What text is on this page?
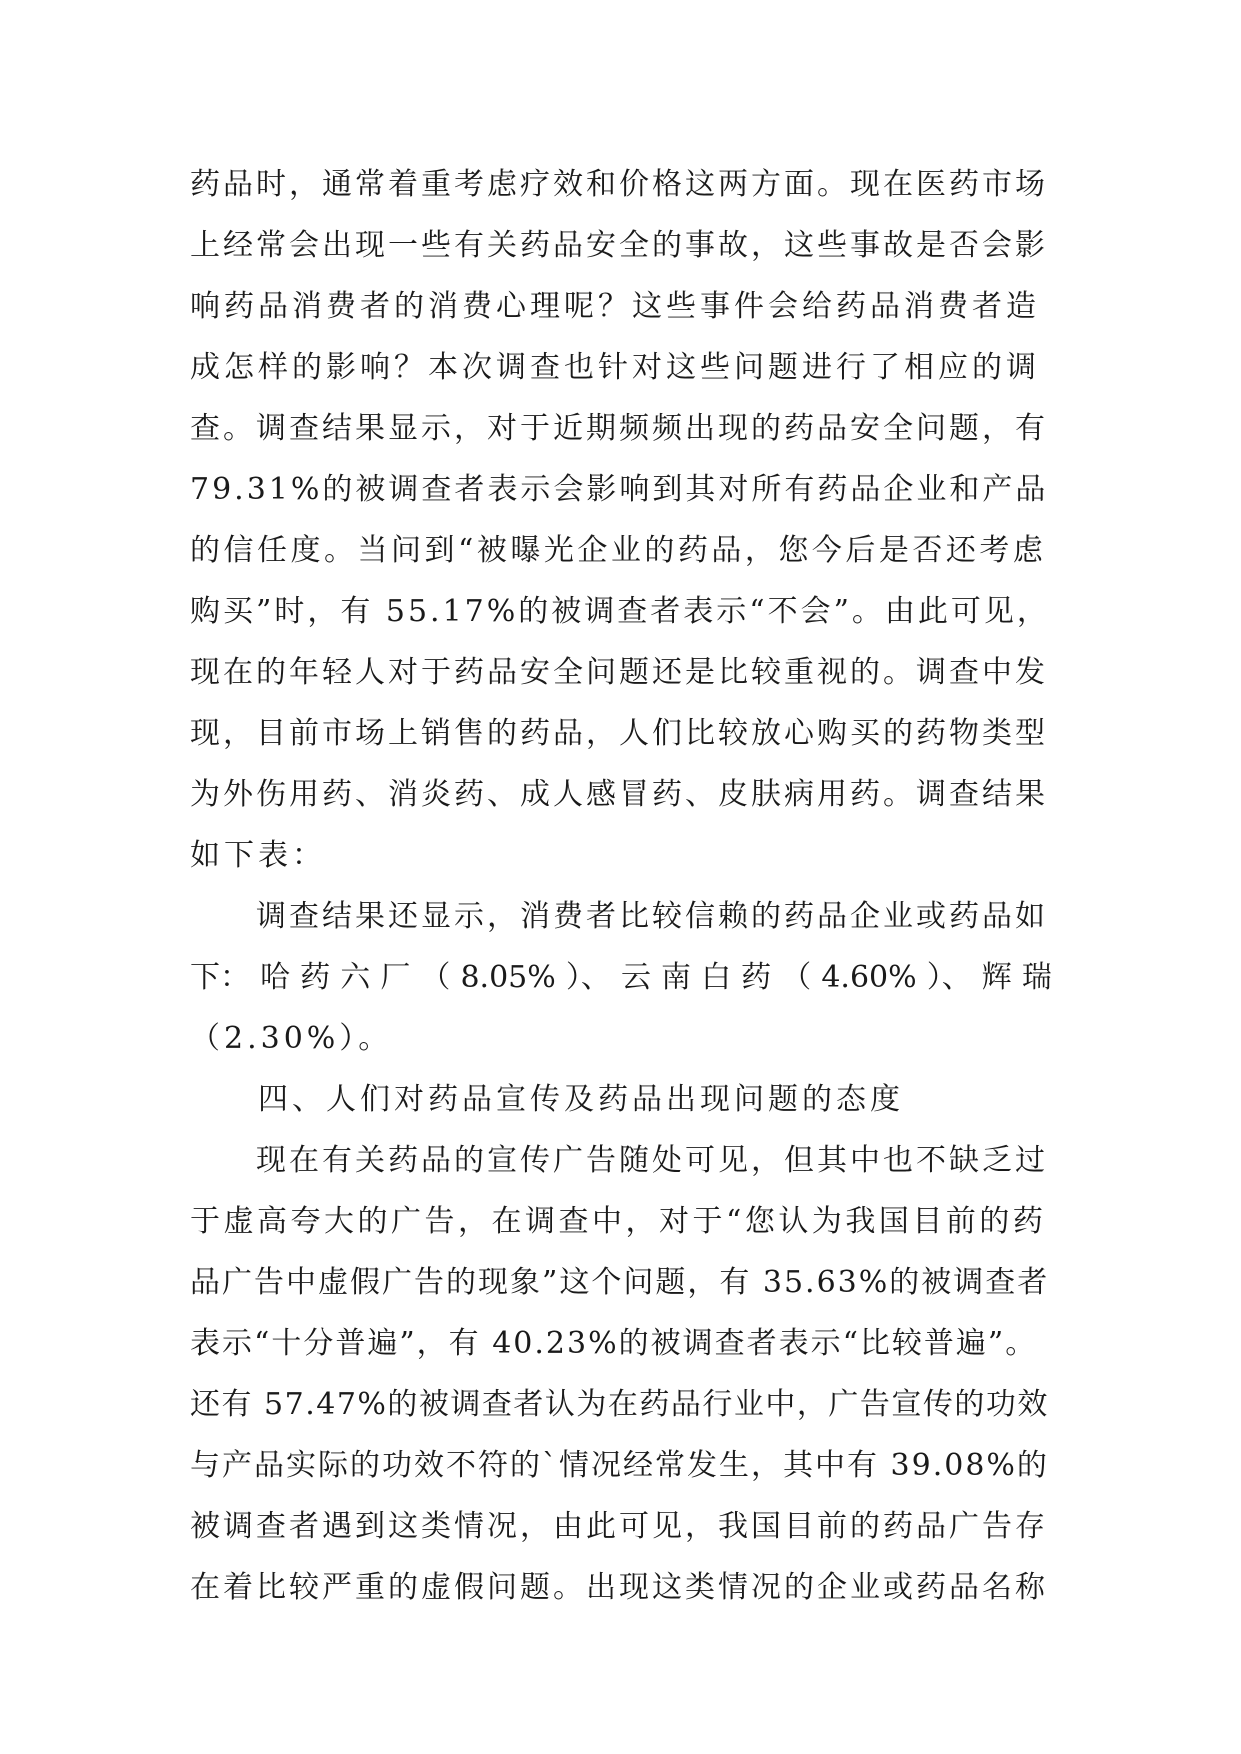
药品时，通常着重考虑疗效和价格这两方面。现在医药市场
上经常会出现一些有关药品安全的事故，这些事故是否会影
响药品消费者的消费心理呢？这些事件会给药品消费者造
成怎样的影响？本次调查也针对这些问题进行了相应的调
查。调查结果显示，对于近期频频出现的药品安全问题，有
79.31%的被调查者表示会影响到其对所有药品企业和产品
的信任度。当问到“被曝光企业的药品，您今后是否还考虑
购买”时，有 55.17%的被调查者表示“不会”。由此可见，
现在的年轻人对于药品安全问题还是比较重视的。调查中发
现，目前市场上销售的药品，人们比较放心购买的药物类型
为外伤用药、消炎药、成人感冒药、皮肤病用药。调查结果
如下表：
　　调查结果还显示，消费者比较信赖的药品企业或药品如
下： 哈 药 六 厂 （ 8.05% ）、 云 南 白 药 （ 4.60% ）、 辉 瑞
（2.30%）。
　　四、人们对药品宣传及药品出现问题的态度
　　现在有关药品的宣传广告随处可见，但其中也不缺乏过
于虚高夸大的广告，在调查中，对于“您认为我国目前的药
品广告中虚假广告的现象”这个问题，有 35.63%的被调查者
表示“十分普遍”，有 40.23%的被调查者表示“比较普遍”。
还有 57.47%的被调查者认为在药品行业中，广告宣传的功效
与产品实际的功效不符的`情况经常发生，其中有 39.08%的
被调查者遇到这类情况，由此可见，我国目前的药品广告存
在着比较严重的虚假问题。出现这类情况的企业或药品名称
